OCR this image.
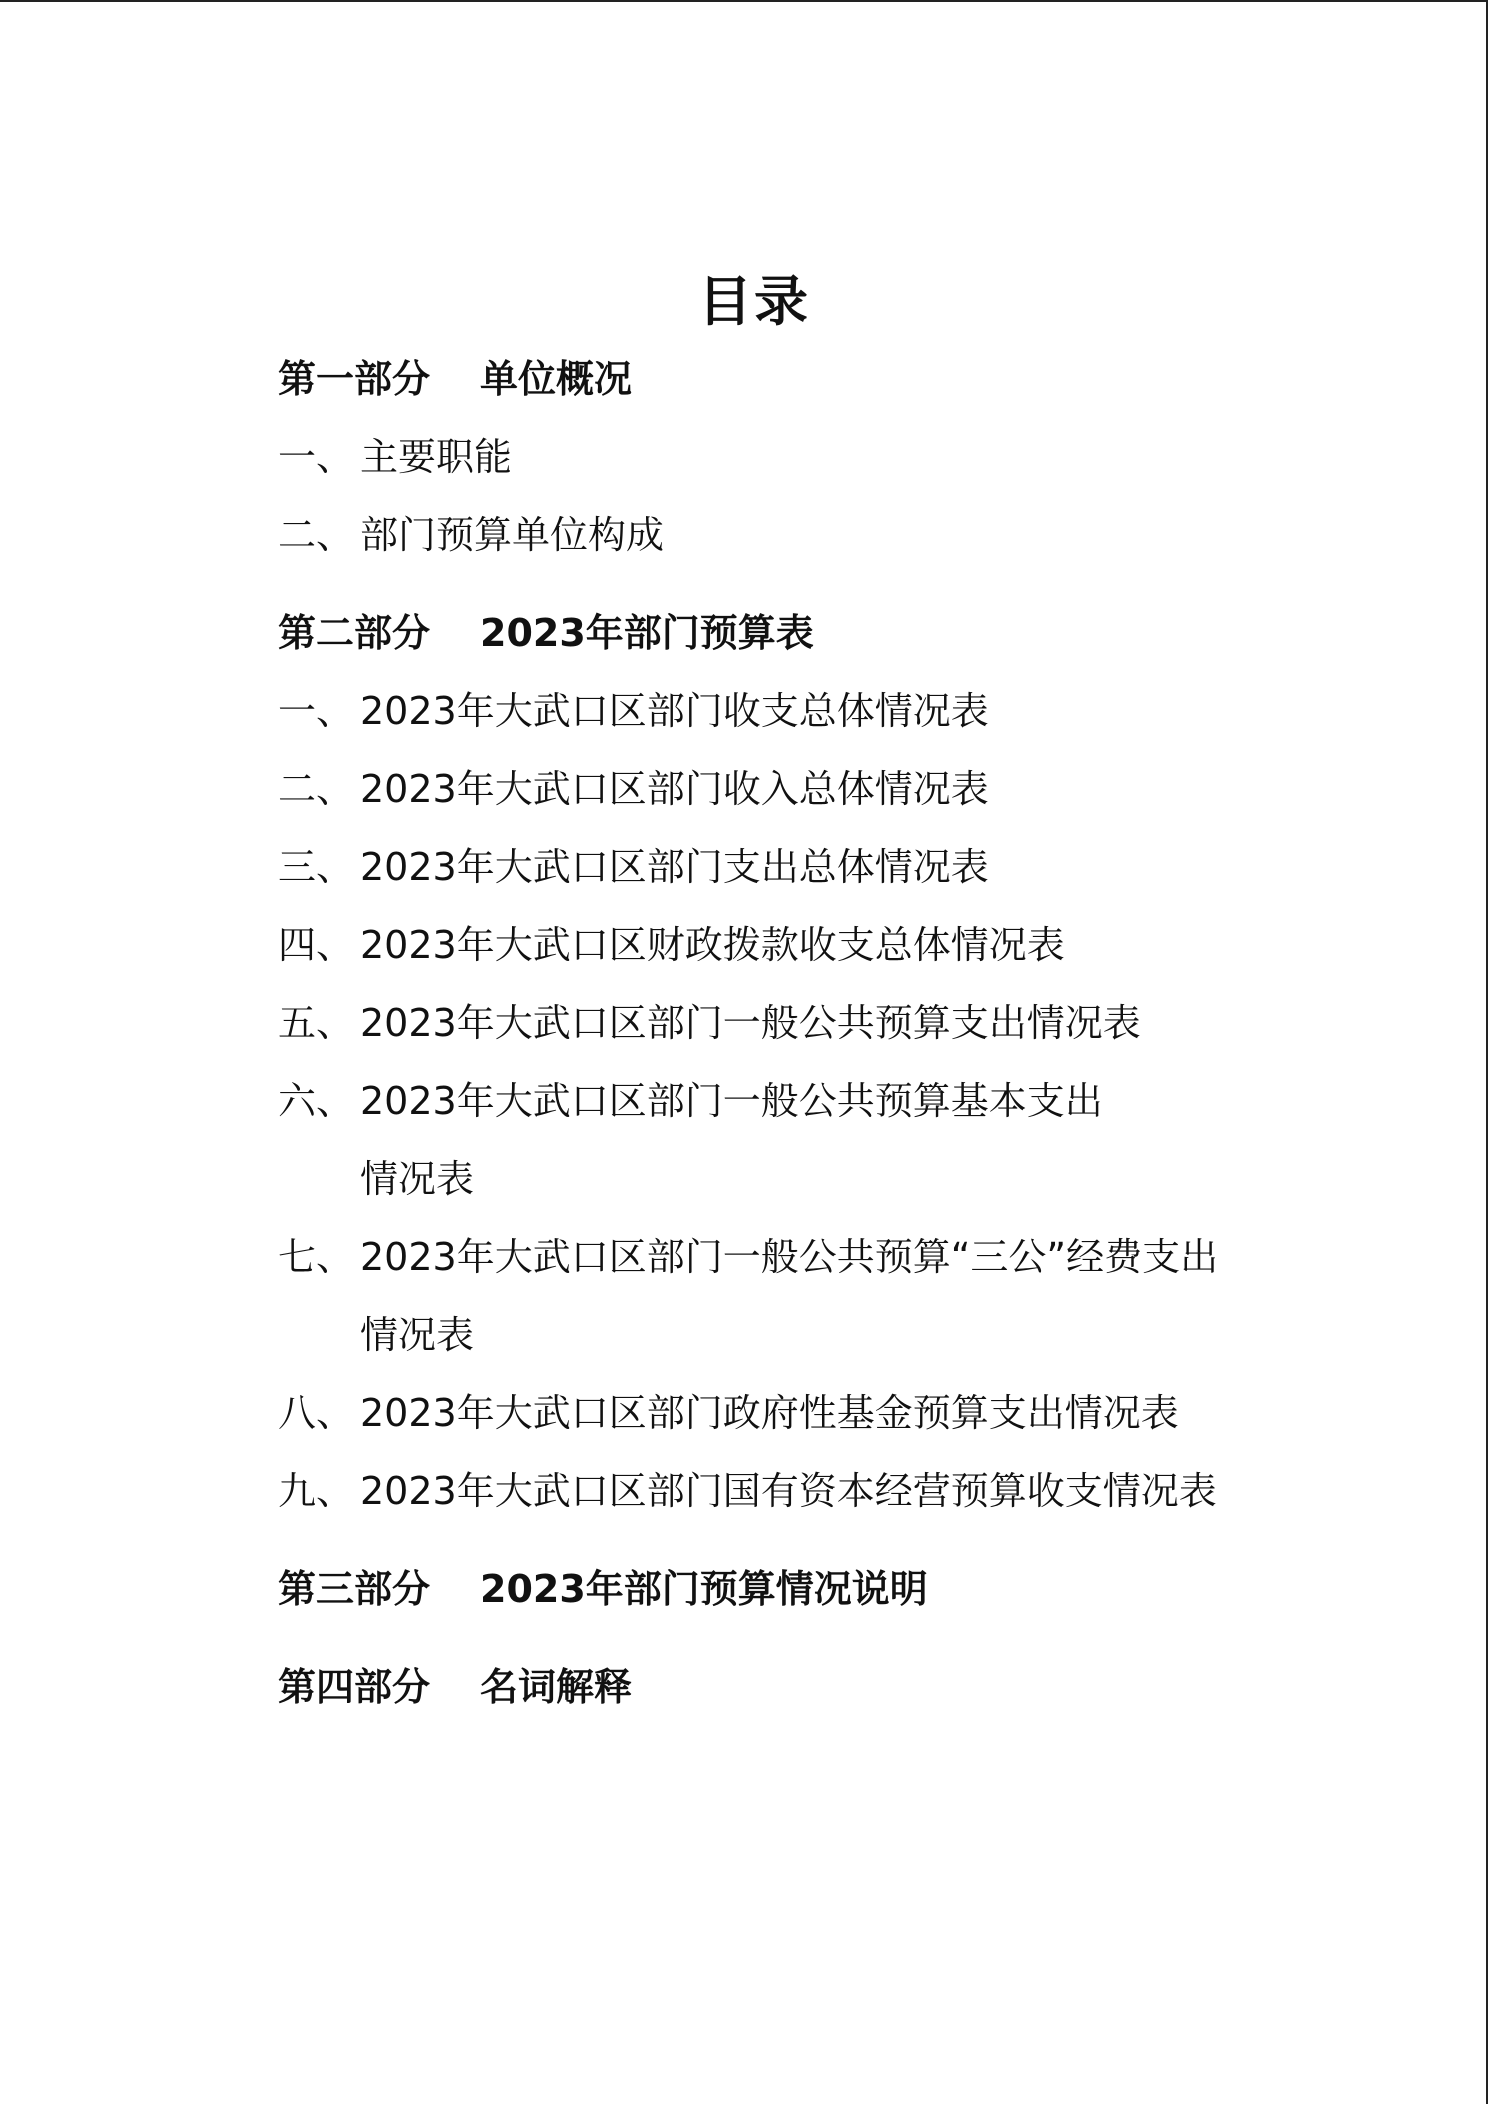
目录
第一部分 单位概况
一、 主要职能
二、 部门预算单位构成
第二部分 2023年部门预算表
一、 2023年大武口区部门收支总体情况表
二、 2023年大武口区部门收入总体情况表
三、 2023年大武口区部门支出总体情况表
四、 2023年大武口区财政拨款收支总体情况表
五、 2023年大武口区部门一般公共预算支出情况表
六、 2023年大武口区部门一般公共预算基本支出
情况表
七、 2023年大武口区部门一般公共预算“三公”经费支出
情况表
八、 2023年大武口区部门政府性基金预算支出情况表
九、 2023年大武口区部门国有资本经营预算收支情况表
第三部分 2023年部门预算情况说明
第四部分 名词解释
